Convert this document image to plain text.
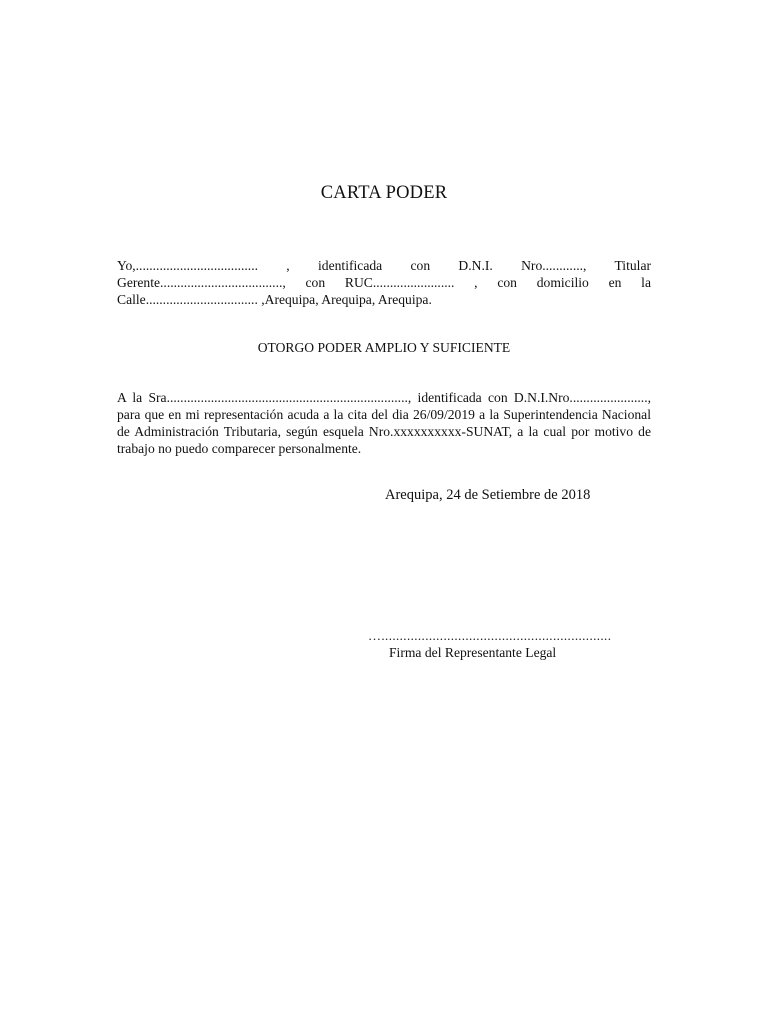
CARTA PODER
Yo,.................................... , identificada con D.N.I. Nro............, Titular Gerente...................................., con RUC........................ , con domicilio en la Calle................................. ,Arequipa, Arequipa, Arequipa.
OTORGO PODER AMPLIO Y SUFICIENTE
A la Sra......................................................................., identificada con D.N.I.Nro......................., para que en mi representación acuda a la cita del dia 26/09/2019 a la Superintendencia Nacional de Administración Tributaria, según esquela Nro.xxxxxxxxxx-SUNAT, a la cual por motivo de trabajo no puedo comparecer personalmente.
Arequipa, 24 de Setiembre de 2018
…...............................................................
Firma del Representante Legal
